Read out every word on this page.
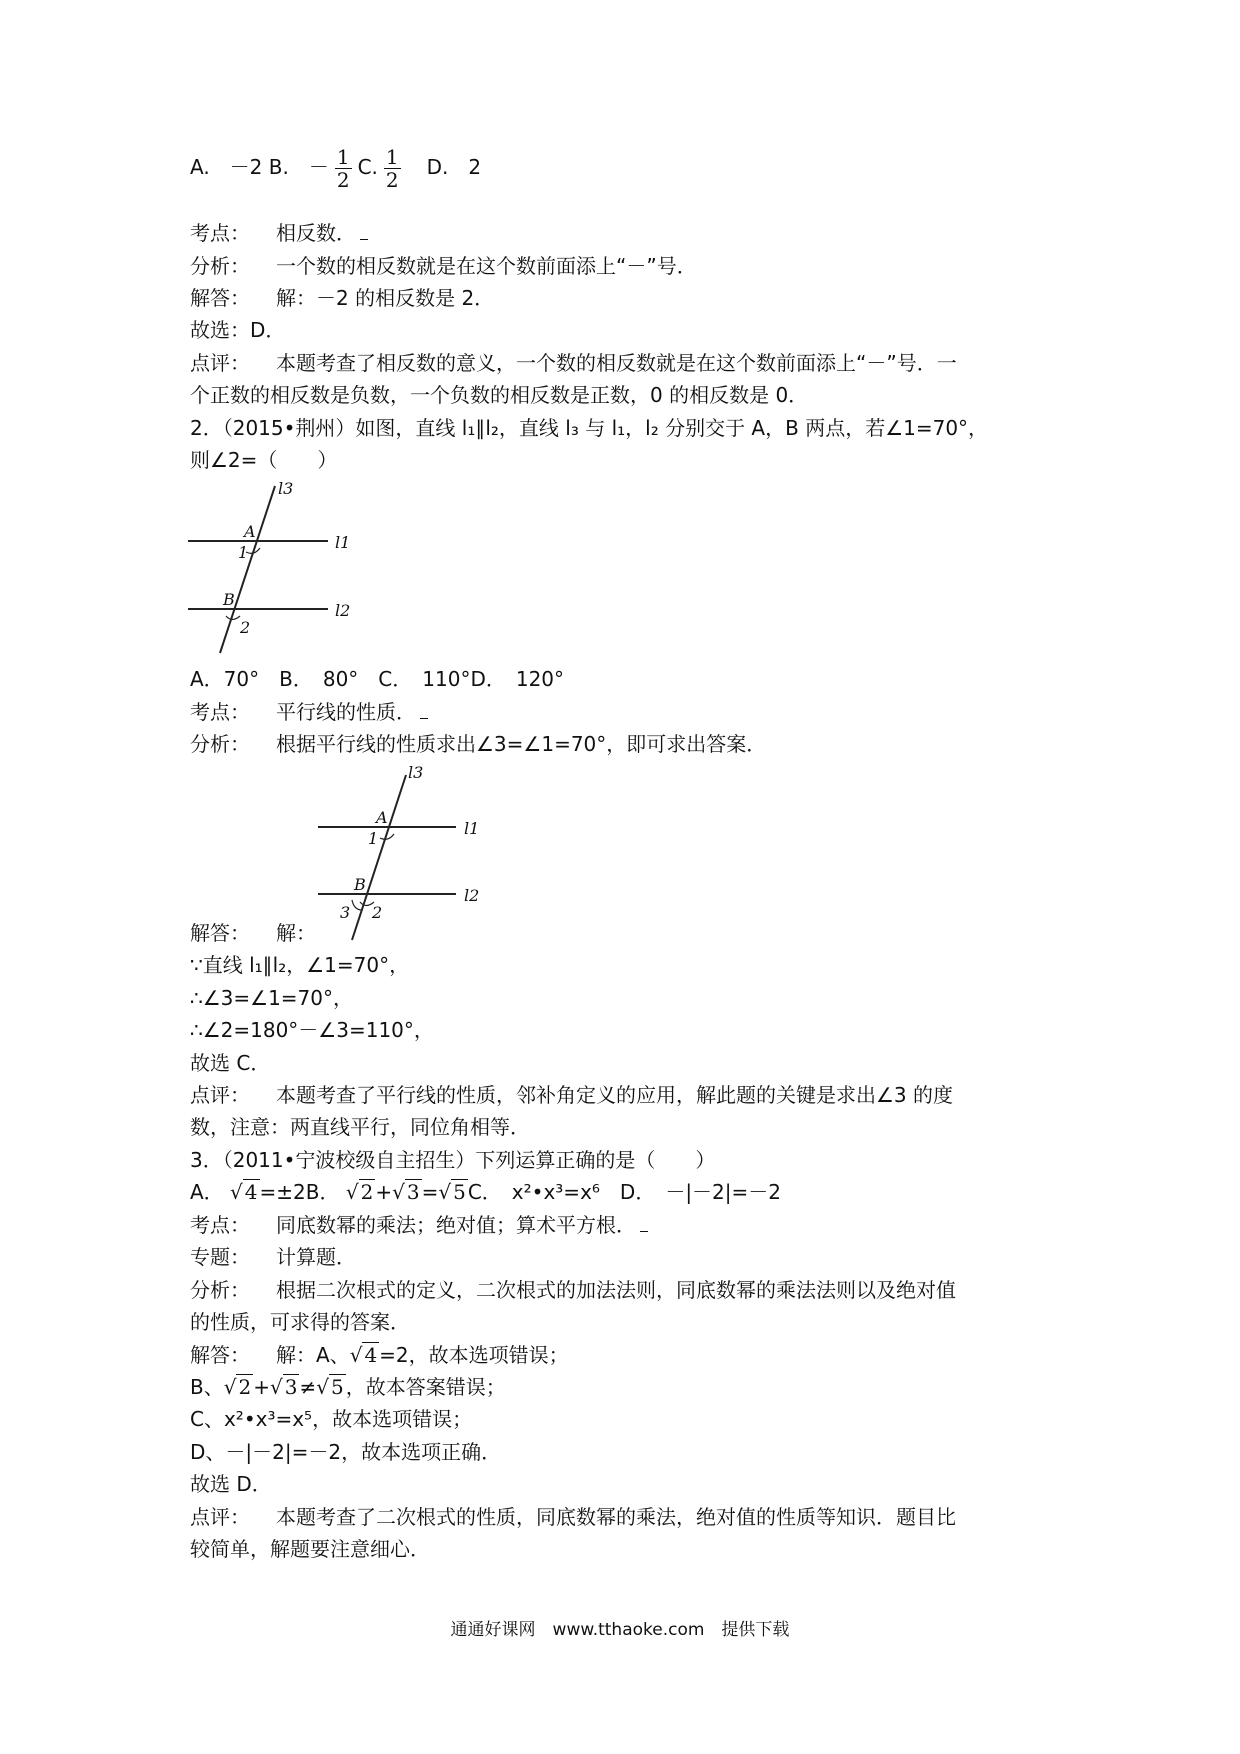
A.　－2 B.　－ $\frac{1}{2} C$. $\frac{1}{2}$
　 D.　2
考点： 相反数．
分析： 一个数的相反数就是在这个数前面添上“－”号．
解答： 解：－2 的相反数是 2．
故选：D．
点评： 本题考查了相反数的意义，一个数的相反数就是在这个数前面添上“－”号．一
个正数的相反数是负数，一个负数的相反数是正数，0 的相反数是 0．
2．（2015•荆州）如图，直线 l₁∥l₂，直线 l₃ 与 l₁，l₂ 分别交于 A，B 两点，若∠1=70°，
则∠2=（　　）
l3
l1
l2
A
B
1
2
A．70°　B．　80°　C．　110°D．　120°
考点： 平行线的性质．
分析： 根据平行线的性质求出∠3=∠1=70°，即可求出答案．
l3
l1
l2
A
B
1
2
3
解答： 解：
∵直线 l₁∥l₂，∠1=70°，
∴∠3=∠1=70°，
∴∠2=180°－∠3=110°，
故选 C．
点评： 本题考查了平行线的性质，邻补角定义的应用，解此题的关键是求出∠3 的度
数，注意：两直线平行，同位角相等．
3．（2011•宁波校级自主招生）下列运算正确的是（　　）
A． √ 4 =±2B． √ 2 +√ 3 =√ 5 C．　x²•x³=x⁶　D．　－|－2|=－2
考点： 同底数幂的乘法；绝对值；算术平方根．
专题： 计算题．
分析： 根据二次根式的定义，二次根式的加法法则，同底数幂的乘法法则以及绝对值
的性质，可求得的答案．
解答： 解：A、√ 4 =2，故本选项错误；
B、√ 2 +√ 3 ≠√ 5 ，故本答案错误；
C、x²•x³=x⁵，故本选项错误；
D、－|－2|=－2，故本选项正确．
故选 D．
点评： 本题考查了二次根式的性质，同底数幂的乘法，绝对值的性质等知识．题目比
较简单，解题要注意细心．
通通好课网　www.tthaoke.com　提供下载
